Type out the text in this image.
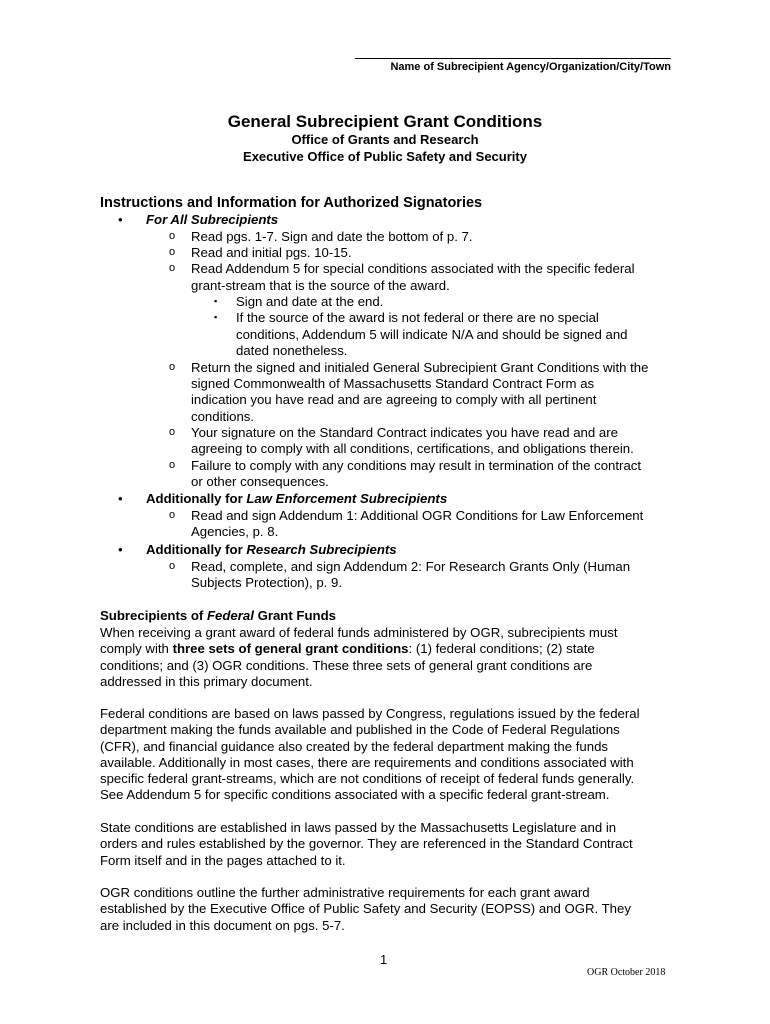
Name of Subrecipient Agency/Organization/City/Town
General Subrecipient Grant Conditions
Office of Grants and Research
Executive Office of Public Safety and Security
Instructions and Information for Authorized Signatories
• For All Subrecipients
o Read pgs. 1-7. Sign and date the bottom of p. 7.
o Read and initial pgs. 10-15.
o Read Addendum 5 for special conditions associated with the specific federal
grant-stream that is the source of the award.
▪ Sign and date at the end.
▪ If the source of the award is not federal or there are no special
conditions, Addendum 5 will indicate N/A and should be signed and
dated nonetheless.
o Return the signed and initialed General Subrecipient Grant Conditions with the
signed Commonwealth of Massachusetts Standard Contract Form as
indication you have read and are agreeing to comply with all pertinent
conditions.
o Your signature on the Standard Contract indicates you have read and are
agreeing to comply with all conditions, certifications, and obligations therein.
o Failure to comply with any conditions may result in termination of the contract
or other consequences.
• Additionally for Law Enforcement Subrecipients
o Read and sign Addendum 1: Additional OGR Conditions for Law Enforcement
Agencies, p. 8.
• Additionally for Research Subrecipients
o Read, complete, and sign Addendum 2: For Research Grants Only (Human
Subjects Protection), p. 9.
Subrecipients of Federal Grant Funds
When receiving a grant award of federal funds administered by OGR, subrecipients must
comply with three sets of general grant conditions: (1) federal conditions; (2) state
conditions; and (3) OGR conditions. These three sets of general grant conditions are
addressed in this primary document.
Federal conditions are based on laws passed by Congress, regulations issued by the federal
department making the funds available and published in the Code of Federal Regulations
(CFR), and financial guidance also created by the federal department making the funds
available. Additionally in most cases, there are requirements and conditions associated with
specific federal grant-streams, which are not conditions of receipt of federal funds generally.
See Addendum 5 for specific conditions associated with a specific federal grant-stream.
State conditions are established in laws passed by the Massachusetts Legislature and in
orders and rules established by the governor. They are referenced in the Standard Contract
Form itself and in the pages attached to it.
OGR conditions outline the further administrative requirements for each grant award
established by the Executive Office of Public Safety and Security (EOPSS) and OGR. They
are included in this document on pgs. 5-7.
1
OGR October 2018
